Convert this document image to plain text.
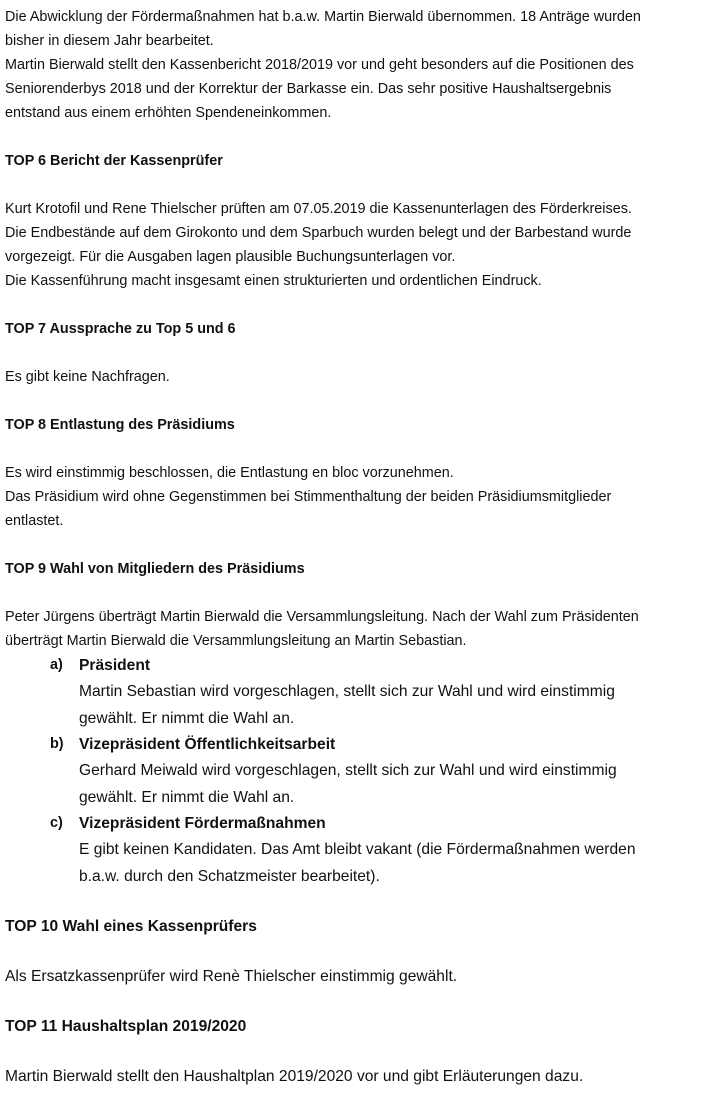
Die Abwicklung der Fördermaßnahmen hat b.a.w. Martin Bierwald übernommen. 18 Anträge wurden
bisher in diesem Jahr bearbeitet.

Martin Bierwald stellt den Kassenbericht 2018/2019 vor und geht besonders auf die Positionen des
Seniorenderbys 2018 und der Korrektur der Barkasse ein. Das sehr positive Haushaltsergebnis
entstand aus einem erhöhten Spendeneinkommen.

TOP 6 Bericht der Kassenprüfer

Kurt Krotofil und Rene Thielscher prüften am 07.05.2019 die Kassenunterlagen des Förderkreises.
Die Endbestände auf dem Girokonto und dem Sparbuch wurden belegt und der Barbestand wurde
vorgezeigt. Für die Ausgaben lagen plausible Buchungsunterlagen vor.
Die Kassenführung macht insgesamt einen strukturierten und ordentlichen Eindruck.

TOP 7 Aussprache zu Top 5 und 6

Es gibt keine Nachfragen.

TOP 8 Entlastung des Präsidiums

Es wird einstimmig beschlossen, die Entlastung en bloc vorzunehmen.
Das Präsidium wird ohne Gegenstimmen bei Stimmenthaltung der beiden Präsidiumsmitglieder
entlastet.

TOP 9 Wahl von Mitgliedern des Präsidiums

Peter Jürgens überträgt Martin Bierwald die Versammlungsleitung. Nach der Wahl zum Präsidenten
überträgt Martin Bierwald die Versammlungsleitung an Martin Sebastian.

a)	Präsident

Martin Sebastian wird vorgeschlagen, stellt sich zur Wahl und wird einstimmig
gewählt. Er nimmt die Wahl an.

b) Vizepräsident Öffentlichkeitsarbeit

Gerhard Meiwald wird vorgeschlagen, stellt sich zur Wahl und wird einstimmig
gewählt. Er nimmt die Wahl an.

c)	Vizepräsident Fördermaßnahmen

E gibt keinen Kandidaten. Das Amt bleibt vakant (die Fördermaßnahmen werden
b.a.w. durch den Schatzmeister bearbeitet).

TOP 10 Wahl eines Kassenprüfers

Als Ersatzkassenprüfer wird Renè Thielscher einstimmig gewählt.

TOP 11 Haushaltsplan 2019/2020

Martin Bierwald stellt den Haushaltplan 2019/2020 vor und gibt Erläuterungen dazu.
